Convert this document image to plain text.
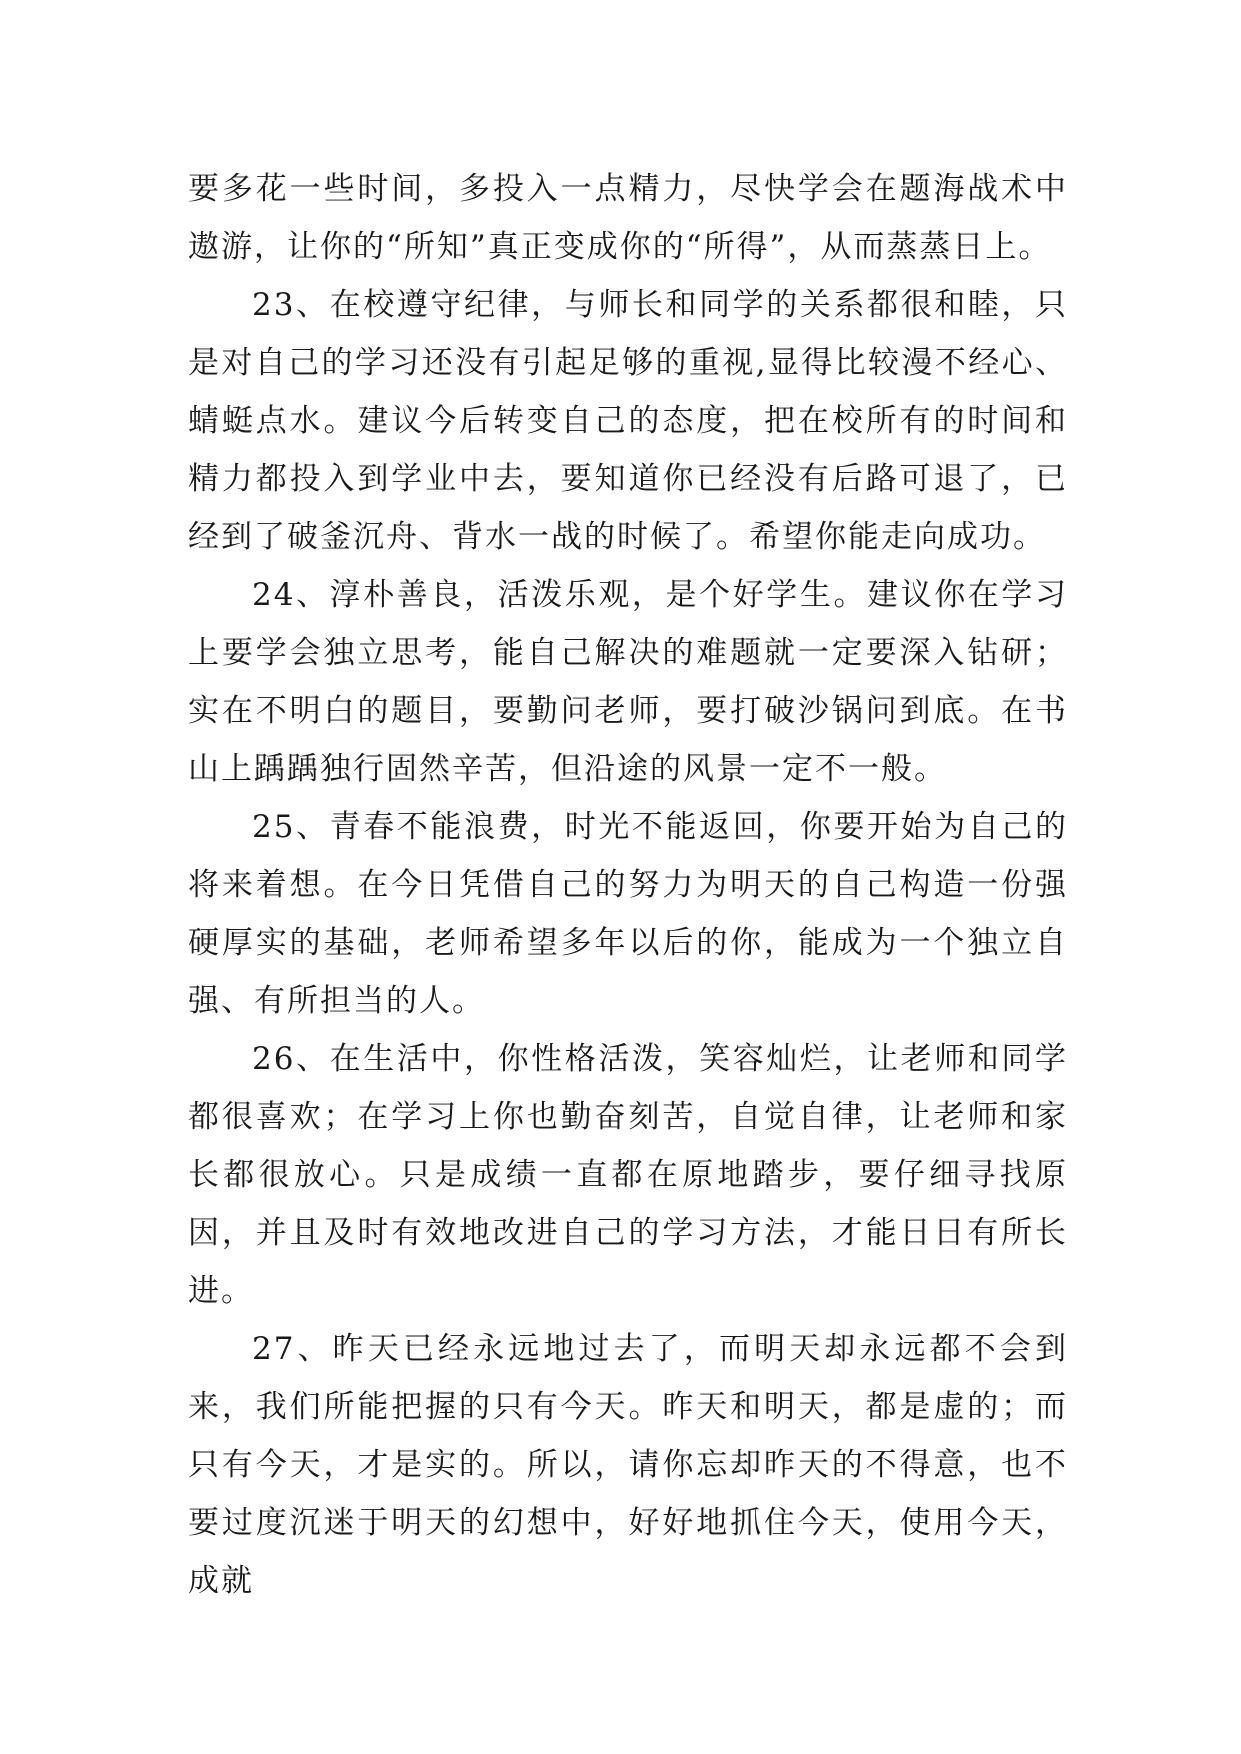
要多花一些时间，多投入一点精力，尽快学会在题海战术中遨游，让你的“所知”真正变成你的“所得”，从而蒸蒸日上。

23、在校遵守纪律，与师长和同学的关系都很和睦，只是对自己的学习还没有引起足够的重视,显得比较漫不经心、蜻蜓点水。建议今后转变自己的态度，把在校所有的时间和精力都投入到学业中去，要知道你已经没有后路可退了，已经到了破釜沉舟、背水一战的时候了。希望你能走向成功。

24、淳朴善良，活泼乐观，是个好学生。建议你在学习上要学会独立思考，能自己解决的难题就一定要深入钻研；实在不明白的题目，要勤问老师，要打破沙锅问到底。在书山上踽踽独行固然辛苦，但沿途的风景一定不一般。

25、青春不能浪费，时光不能返回，你要开始为自己的将来着想。在今日凭借自己的努力为明天的自己构造一份强硬厚实的基础，老师希望多年以后的你，能成为一个独立自强、有所担当的人。

26、在生活中，你性格活泼，笑容灿烂，让老师和同学都很喜欢；在学习上你也勤奋刻苦，自觉自律，让老师和家长都很放心。只是成绩一直都在原地踏步，要仔细寻找原因，并且及时有效地改进自己的学习方法，才能日日有所长进。

27、昨天已经永远地过去了，而明天却永远都不会到来，我们所能把握的只有今天。昨天和明天，都是虚的；而只有今天，才是实的。所以，请你忘却昨天的不得意，也不要过度沉迷于明天的幻想中，好好地抓住今天，使用今天，成就
